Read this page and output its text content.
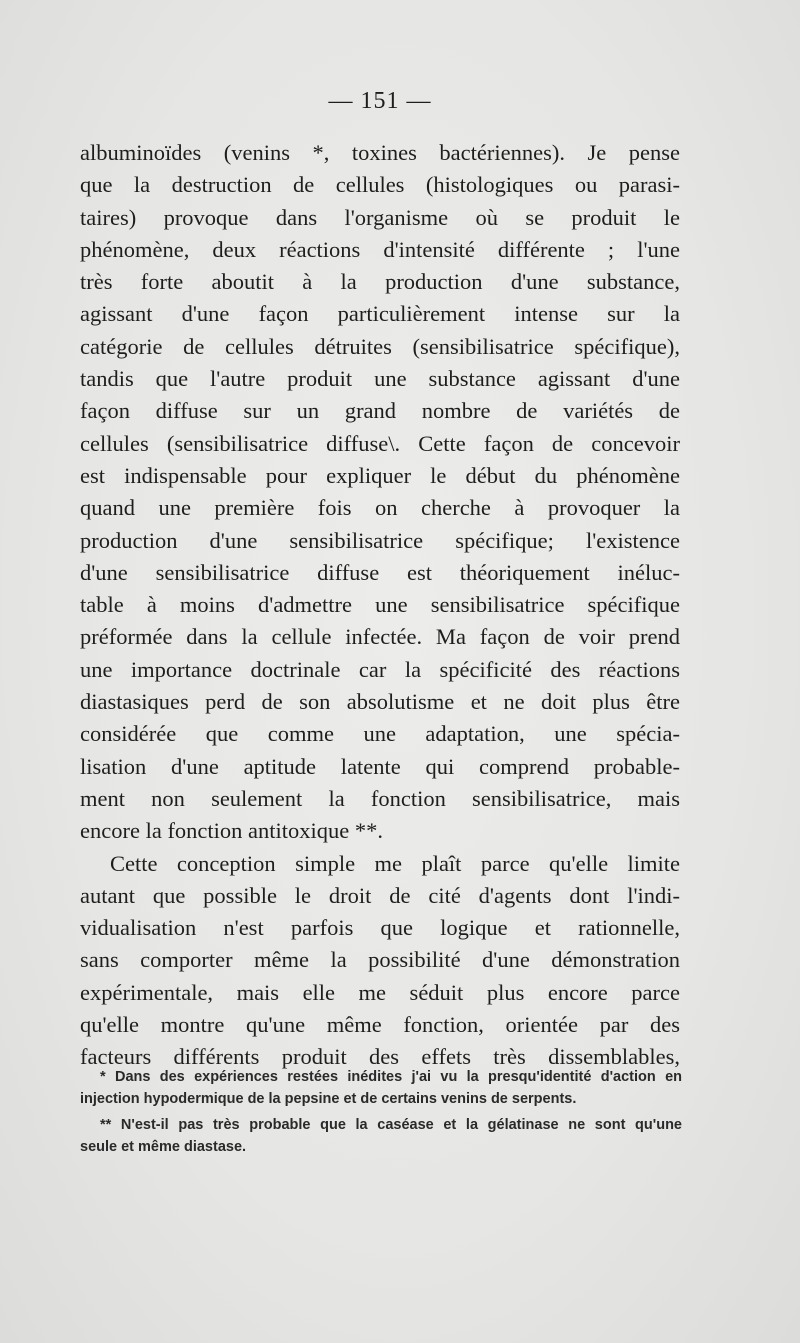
— 151 —
albuminoïdes (venins *, toxines bactériennes). Je pense
que la destruction de cellules (histologiques ou parasi-
taires) provoque dans l'organisme où se produit le
phénomène, deux réactions d'intensité différente ; l'une
très forte aboutit à la production d'une substance,
agissant d'une façon particulièrement intense sur la
catégorie de cellules détruites (sensibilisatrice spécifique),
tandis que l'autre produit une substance agissant d'une
façon diffuse sur un grand nombre de variétés de
cellules (sensibilisatrice diffuse\. Cette façon de concevoir
est indispensable pour expliquer le début du phénomène
quand une première fois on cherche à provoquer la
production d'une sensibilisatrice spécifique; l'existence
d'une sensibilisatrice diffuse est théoriquement inéluc-
table à moins d'admettre une sensibilisatrice spécifique
préformée dans la cellule infectée. Ma façon de voir prend
une importance doctrinale car la spécificité des réactions
diastasiques perd de son absolutisme et ne doit plus être
considérée que comme une adaptation, une spécia-
lisation d'une aptitude latente qui comprend probable-
ment non seulement la fonction sensibilisatrice, mais
encore la fonction antitoxique **.
Cette conception simple me plaît parce qu'elle limite
autant que possible le droit de cité d'agents dont l'indi-
vidualisation n'est parfois que logique et rationnelle,
sans comporter même la possibilité d'une démonstration
expérimentale, mais elle me séduit plus encore parce
qu'elle montre qu'une même fonction, orientée par des
facteurs différents produit des effets très dissemblables,
* Dans des expériences restées inédites j'ai vu la presqu'identité d'action en
injection hypodermique de la pepsine et de certains venins de serpents.
** N'est-il pas très probable que la caséase et la gélatinase ne sont qu'une
seule et même diastase.
